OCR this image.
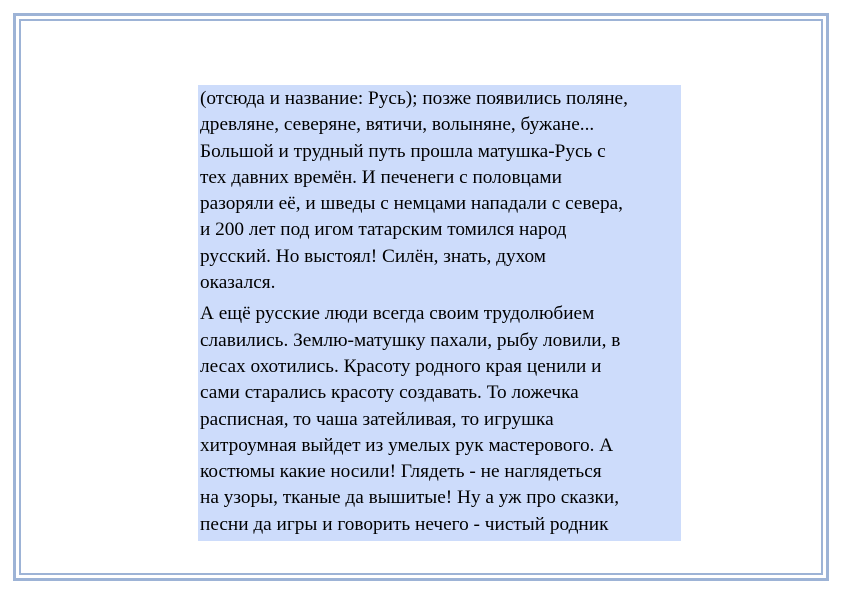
(отсюда и название: Русь); позже появились поляне,
древляне, северяне, вятичи, волыняне, бужане...
Большой и трудный путь прошла матушка-Русь с
тех давних времён. И печенеги с половцами
разоряли её, и шведы с немцами нападали с севера,
и 200 лет под игом татарским томился народ
русский. Но выстоял! Силён, знать, духом
оказался.

А ещё русские люди всегда своим трудолюбием
славились. Землю-матушку пахали, рыбу ловили, в
лесах охотились. Красоту родного края ценили и
сами старались красоту создавать. То ложечка
расписная, то чаша затейливая, то игрушка
хитроумная выйдет из умелых рук мастерового. А
костюмы какие носили! Глядеть - не наглядеться
на узоры, тканые да вышитые! Ну а уж про сказки,
песни да игры и говорить нечего - чистый родник
